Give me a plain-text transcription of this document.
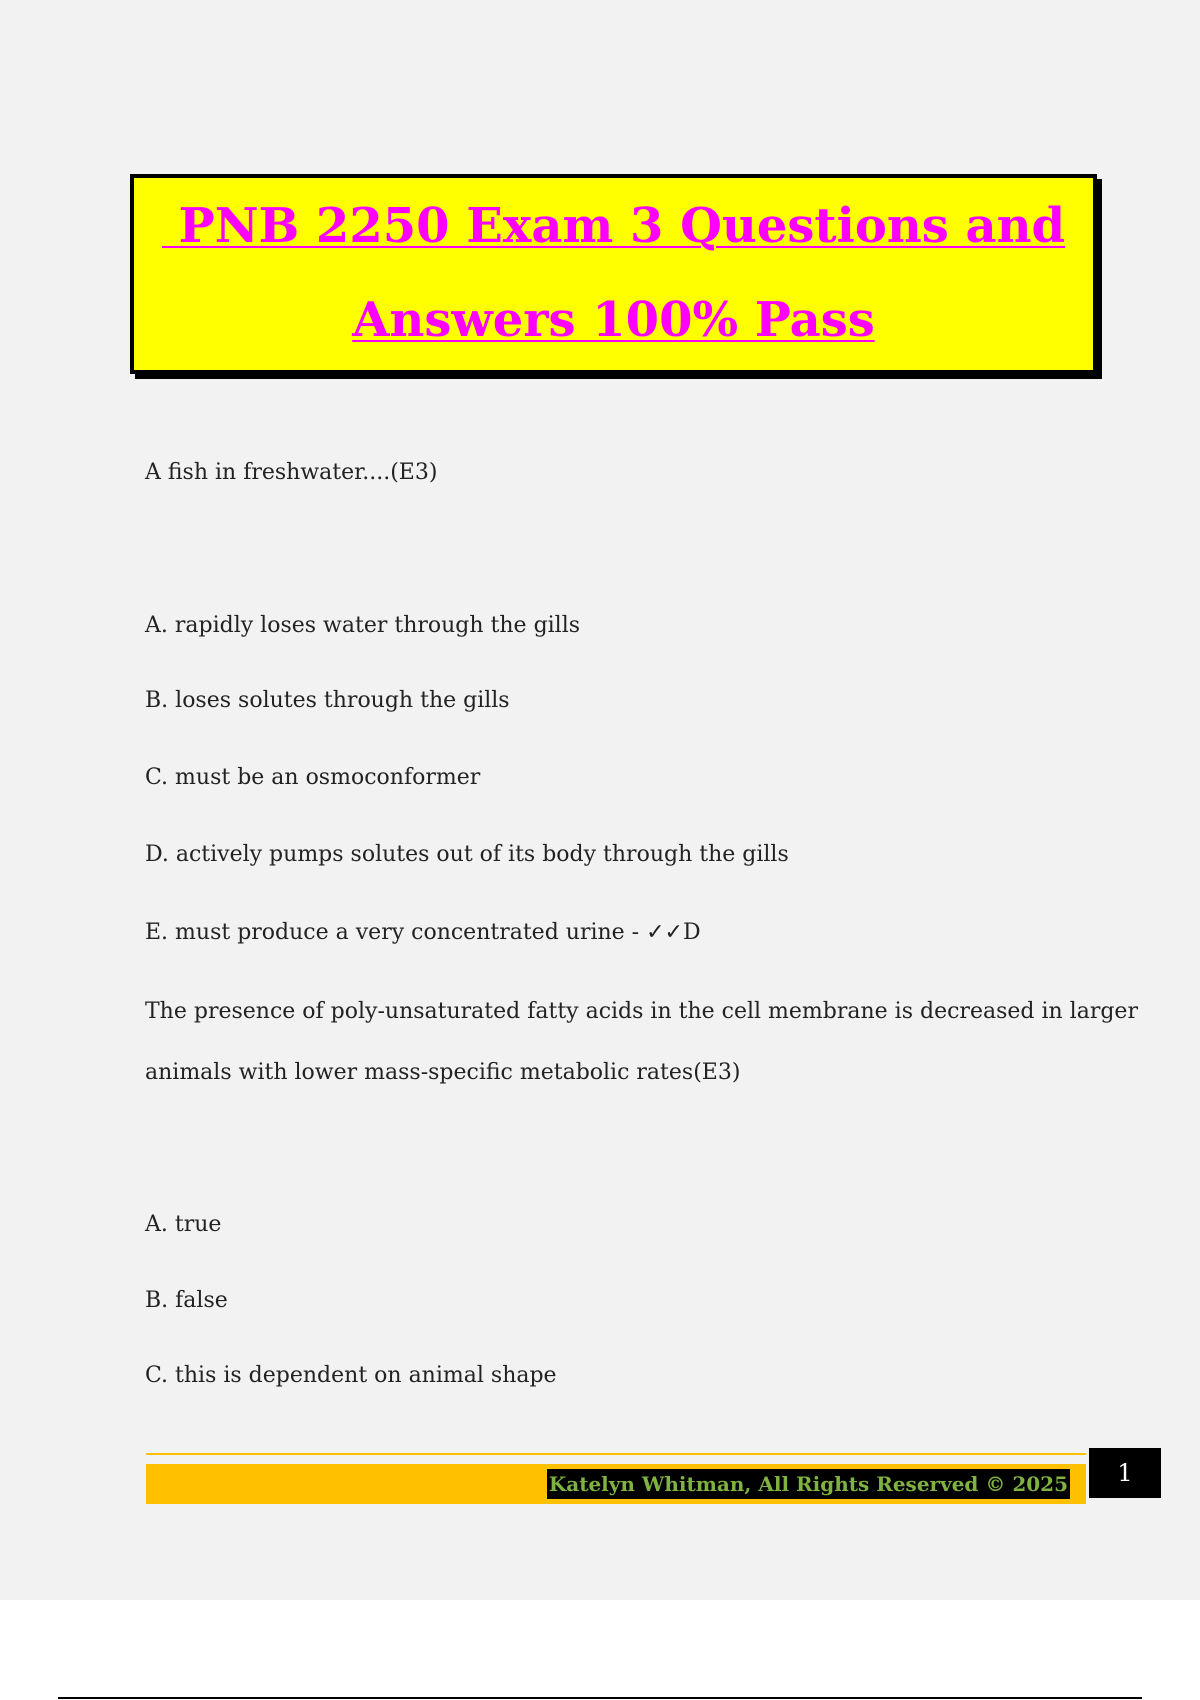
PNB 2250 Exam 3 Questions and
Answers 100% Pass
A fish in freshwater....(E3)
A. rapidly loses water through the gills
B. loses solutes through the gills
C. must be an osmoconformer
D. actively pumps solutes out of its body through the gills
E. must produce a very concentrated urine - ✓✓D
The presence of poly-unsaturated fatty acids in the cell membrane is decreased in larger
animals with lower mass-specific metabolic rates(E3)
A. true
B. false
C. this is dependent on animal shape
Katelyn Whitman, All Rights Reserved © 2025	1
